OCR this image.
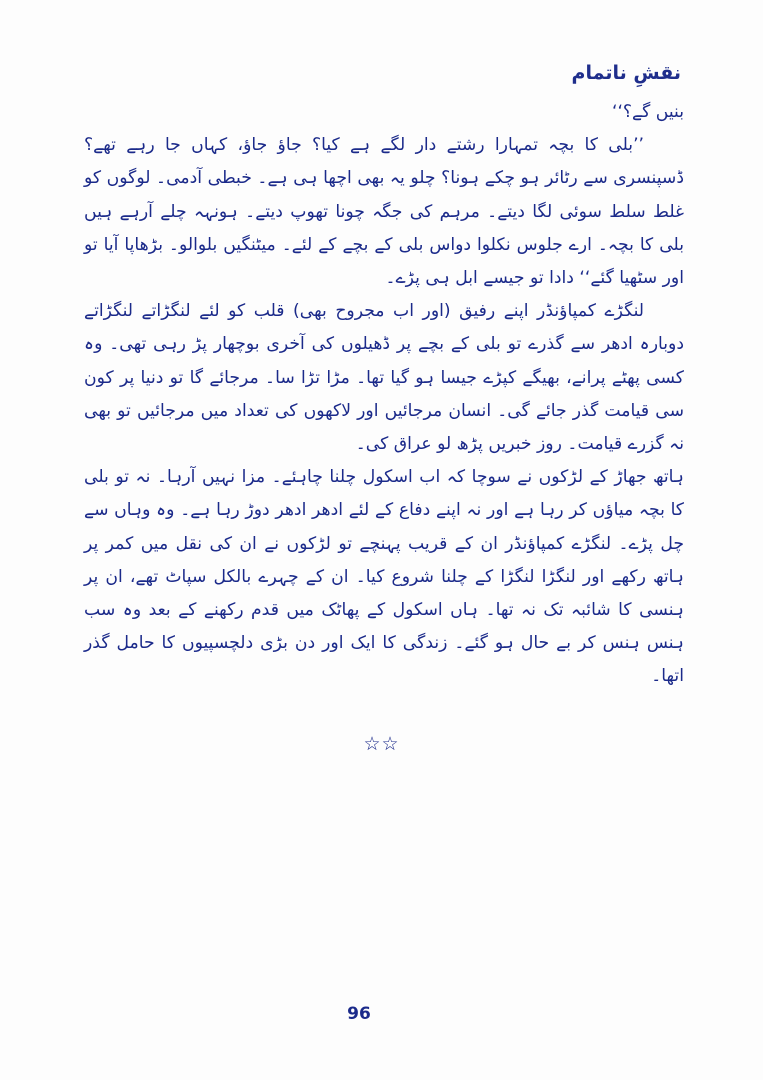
نقشِ ناتمام

بنیں گے؟‘‘

’’بلی کا بچہ تمہارا رشتے دار لگے ہے کیا؟ جاؤ جاؤ، کہاں جا رہے تھے؟ ڈسپنسری سے رٹائر ہو چکے ہونا؟ چلو یہ بھی اچھا ہی ہے۔ خبطی آدمی۔ لوگوں کو غلط سلط سوئی لگا دیتے۔ مرہم کی جگہ چونا تھوپ دیتے۔ ہونہہ چلے آرہے ہیں بلی کا بچہ۔ ارے جلوس نکلوا دواس بلی کے بچے کے لئے۔ میٹنگیں بلوالو۔ بڑھاپا آیا تو اور سٹھیا گئے‘‘ دادا تو جیسے ابل ہی پڑے۔

لنگڑے کمپاؤنڈر اپنے رفیق (اور اب مجروح بھی) قلب کو لئے لنگڑاتے لنگڑاتے دوبارہ ادھر سے گذرے تو بلی کے بچے پر ڈھیلوں کی آخری بوچھار پڑ رہی تھی۔ وہ کسی پھٹے پرانے، بھیگے کپڑے جیسا ہو گیا تھا۔ مڑا تڑا سا۔ مرجائے گا تو دنیا پر کون سی قیامت گذر جائے گی۔ انسان مرجائیں اور لاکھوں کی تعداد میں مرجائیں تو بھی نہ گزرے قیامت۔ روز خبریں پڑھ لو عراق کی۔

ہاتھ جھاڑ کے لڑکوں نے سوچا کہ اب اسکول چلنا چاہئے۔ مزا نہیں آرہا۔ نہ تو بلی کا بچہ میاؤں کر رہا ہے اور نہ اپنے دفاع کے لئے ادھر ادھر دوڑ رہا ہے۔ وہ وہاں سے چل پڑے۔ لنگڑے کمپاؤنڈر ان کے قریب پہنچے تو لڑکوں نے ان کی نقل میں کمر پر ہاتھ رکھے اور لنگڑا لنگڑا کے چلنا شروع کیا۔ ان کے چہرے بالکل سپاٹ تھے، ان پر ہنسی کا شائبہ تک نہ تھا۔ ہاں اسکول کے پھاٹک میں قدم رکھنے کے بعد وہ سب ہنس ہنس کر بے حال ہو گئے۔ زندگی کا ایک اور دن بڑی دلچسپیوں کا حامل گذر اتھا۔

☆☆
96
